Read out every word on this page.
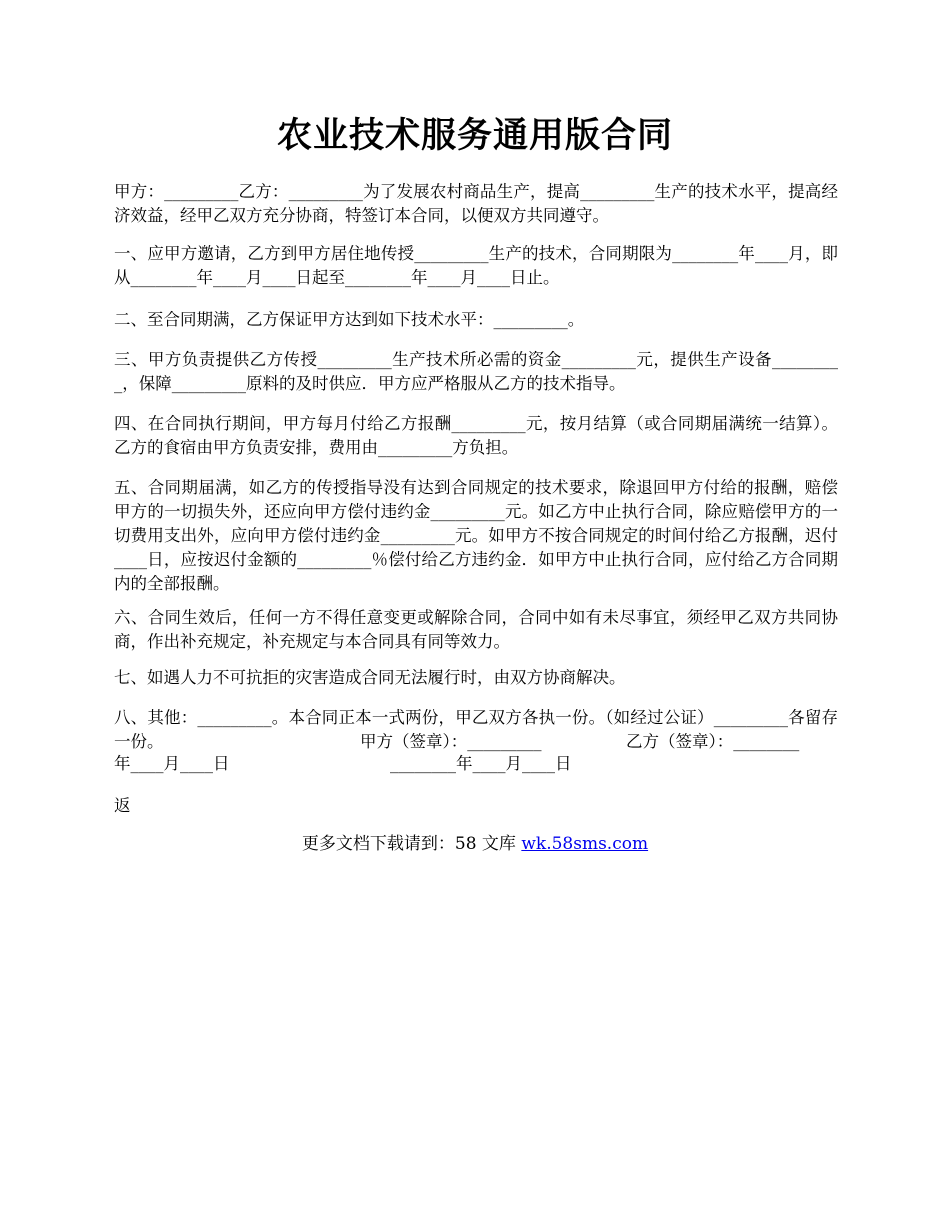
农业技术服务通用版合同
甲方：_________乙方：_________为了发展农村商品生产，提高_________生产的技术水平，提高经济效益，经甲乙双方充分协商，特签订本合同，以便双方共同遵守。
一、应甲方邀请，乙方到甲方居住地传授_________生产的技术，合同期限为________年____月，即从________年____月____日起至________年____月____日止。
二、至合同期满，乙方保证甲方达到如下技术水平：_________。
三、甲方负责提供乙方传授_________生产技术所必需的资金_________元，提供生产设备_________，保障_________原料的及时供应．甲方应严格服从乙方的技术指导。
四、在合同执行期间，甲方每月付给乙方报酬_________元，按月结算（或合同期届满统一结算）。乙方的食宿由甲方负责安排，费用由_________方负担。
五、合同期届满，如乙方的传授指导没有达到合同规定的技术要求，除退回甲方付给的报酬，赔偿甲方的一切损失外，还应向甲方偿付违约金_________元。如乙方中止执行合同，除应赔偿甲方的一切费用支出外，应向甲方偿付违约金_________元。如甲方不按合同规定的时间付给乙方报酬，迟付____日，应按迟付金额的_________％偿付给乙方违约金．如甲方中止执行合同，应付给乙方合同期内的全部报酬。
六、合同生效后，任何一方不得任意变更或解除合同，合同中如有未尽事宜，须经甲乙双方共同协商，作出补充规定，补充规定与本合同具有同等效力。
七、如遇人力不可抗拒的灾害造成合同无法履行时，由双方协商解决。
八、其他：_________。本合同正本一式两份，甲乙双方各执一份。（如经过公证）_________各留存一份。	甲方（签章）：_________	乙方（签章）：________
年____月____日	________年____月____日
返
更多文档下载请到：58 文库 wk.58sms.com
